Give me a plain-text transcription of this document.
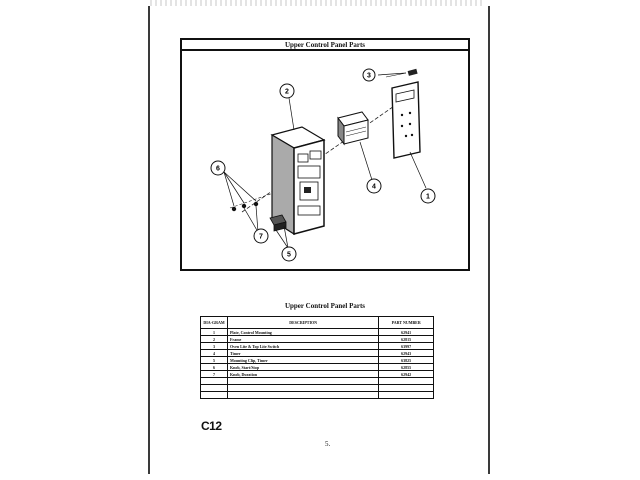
Upper Control Panel Parts
1
2
3
4
5
6
7
Upper Control Panel Parts
DIA-GRAM	DESCRIPTION	PART NUMBER
1	Plate, Control Mounting	62941
2	Frame	62815
3	Oven Lite & Top Lite Switch	63997
4	Timer	62943
5	Mounting Clip, Timer	63825
6	Knob, Start/Stop	62855
7	Knob, Duration	62942

C12
5.
